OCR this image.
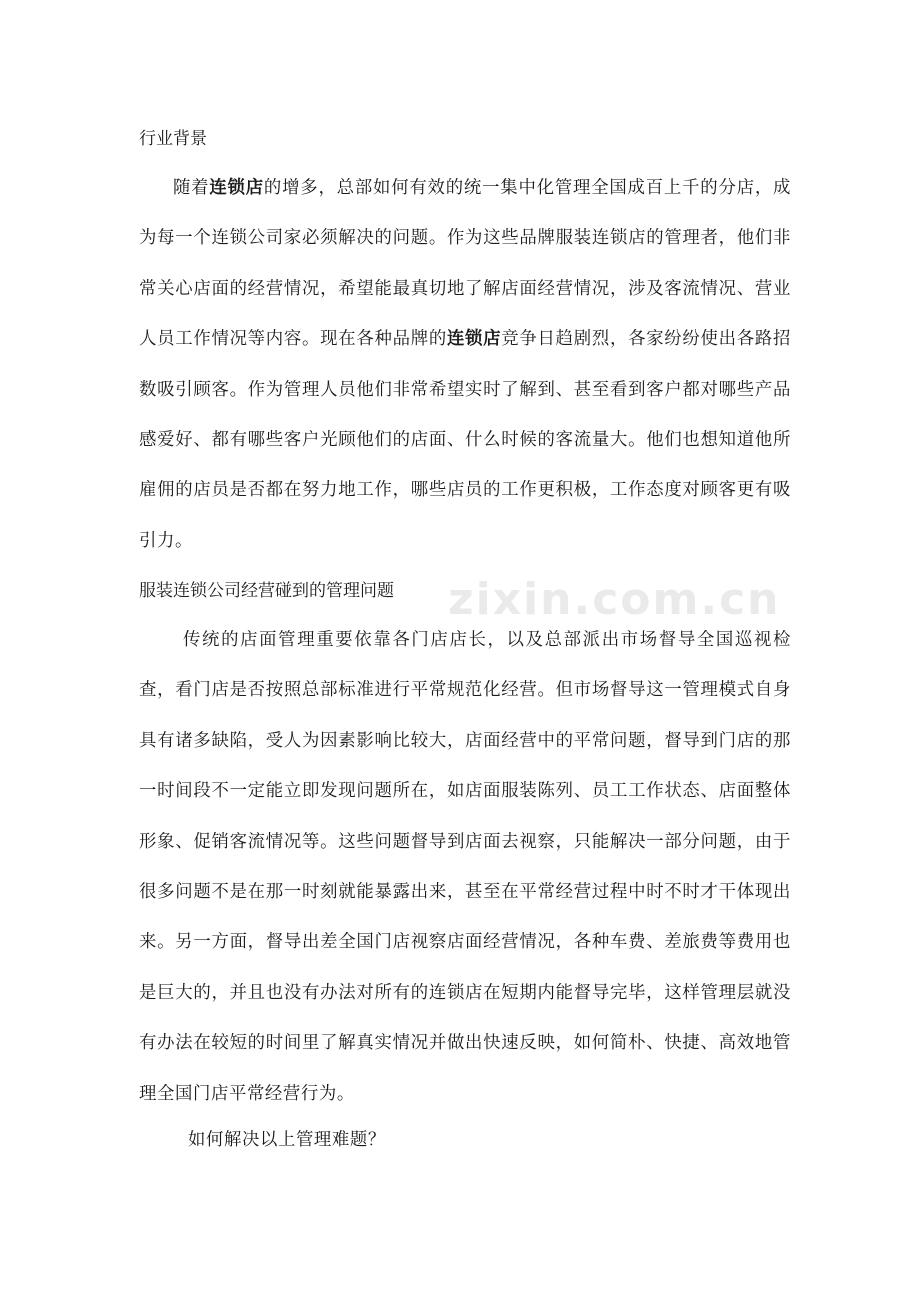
行业背景

随着连锁店的增多，总部如何有效的统一集中化管理全国成百上千的分店，成为每一个连锁公司家必须解决的问题。作为这些品牌服装连锁店的管理者，他们非常关心店面的经营情况，希望能最真切地了解店面经营情况，涉及客流情况、营业人员工作情况等内容。现在各种品牌的连锁店竞争日趋剧烈，各家纷纷使出各路招数吸引顾客。作为管理人员他们非常希望实时了解到、甚至看到客户都对哪些产品感爱好、都有哪些客户光顾他们的店面、什么时候的客流量大。他们也想知道他所雇佣的店员是否都在努力地工作，哪些店员的工作更积极，工作态度对顾客更有吸引力。

服装连锁公司经营碰到的管理问题 zixin.com.cn

传统的店面管理重要依靠各门店店长，以及总部派出市场督导全国巡视检查，看门店是否按照总部标准进行平常规范化经营。但市场督导这一管理模式自身具有诸多缺陷，受人为因素影响比较大，店面经营中的平常问题，督导到门店的那一时间段不一定能立即发现问题所在，如店面服装陈列、员工工作状态、店面整体形象、促销客流情况等。这些问题督导到店面去视察，只能解决一部分问题，由于很多问题不是在那一时刻就能暴露出来，甚至在平常经营过程中时不时才干体现出来。另一方面，督导出差全国门店视察店面经营情况，各种车费、差旅费等费用也是巨大的，并且也没有办法对所有的连锁店在短期内能督导完毕，这样管理层就没有办法在较短的时间里了解真实情况并做出快速反映，如何简朴、快捷、高效地管理全国门店平常经营行为。

如何解决以上管理难题？
